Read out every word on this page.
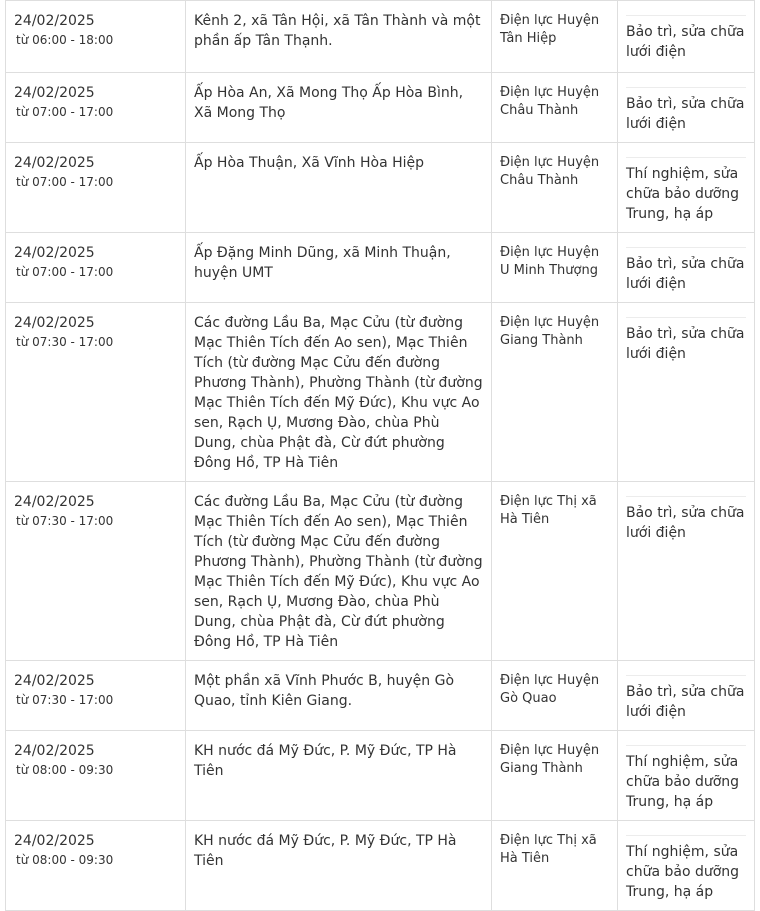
24/02/2025
từ 06:00 - 18:00	Kênh 2, xã Tân Hội, xã Tân Thành và một phần ấp Tân Thạnh.	Điện lực Huyện Tân Hiệp	Bảo trì, sửa chữa lưới điện

24/02/2025
từ 07:00 - 17:00	Ấp Hòa An, Xã Mong Thọ Ấp Hòa Bình, Xã Mong Thọ	Điện lực Huyện Châu Thành	Bảo trì, sửa chữa lưới điện

24/02/2025
từ 07:00 - 17:00	Ấp Hòa Thuận, Xã Vĩnh Hòa Hiệp	Điện lực Huyện Châu Thành	Thí nghiệm, sửa chữa bảo dưỡng Trung, hạ áp

24/02/2025
từ 07:00 - 17:00	Ấp Đặng Minh Dũng, xã Minh Thuận, huyện UMT	Điện lực Huyện U Minh Thượng	Bảo trì, sửa chữa lưới điện

24/02/2025
từ 07:30 - 17:00	Các đường Lầu Ba, Mạc Cửu (từ đường Mạc Thiên Tích đến Ao sen), Mạc Thiên Tích (từ đường Mạc Cửu đến đường Phương Thành), Phường Thành (từ đường Mạc Thiên Tích đến Mỹ Đức), Khu vực Ao sen, Rạch Ụ, Mương Đào, chùa Phù Dung, chùa Phật đà, Cừ đứt phường Đông Hồ, TP Hà Tiên	Điện lực Huyện Giang Thành	Bảo trì, sửa chữa lưới điện

24/02/2025
từ 07:30 - 17:00	Các đường Lầu Ba, Mạc Cửu (từ đường Mạc Thiên Tích đến Ao sen), Mạc Thiên Tích (từ đường Mạc Cửu đến đường Phương Thành), Phường Thành (từ đường Mạc Thiên Tích đến Mỹ Đức), Khu vực Ao sen, Rạch Ụ, Mương Đào, chùa Phù Dung, chùa Phật đà, Cừ đứt phường Đông Hồ, TP Hà Tiên	Điện lực Thị xã Hà Tiên	Bảo trì, sửa chữa lưới điện

24/02/2025
từ 07:30 - 17:00	Một phần xã Vĩnh Phước B, huyện Gò Quao, tỉnh Kiên Giang.	Điện lực Huyện Gò Quao	Bảo trì, sửa chữa lưới điện

24/02/2025
từ 08:00 - 09:30	KH nước đá Mỹ Đức, P. Mỹ Đức, TP Hà Tiên	Điện lực Huyện Giang Thành	Thí nghiệm, sửa chữa bảo dưỡng Trung, hạ áp

24/02/2025
từ 08:00 - 09:30	KH nước đá Mỹ Đức, P. Mỹ Đức, TP Hà Tiên	Điện lực Thị xã Hà Tiên	Thí nghiệm, sửa chữa bảo dưỡng Trung, hạ áp
